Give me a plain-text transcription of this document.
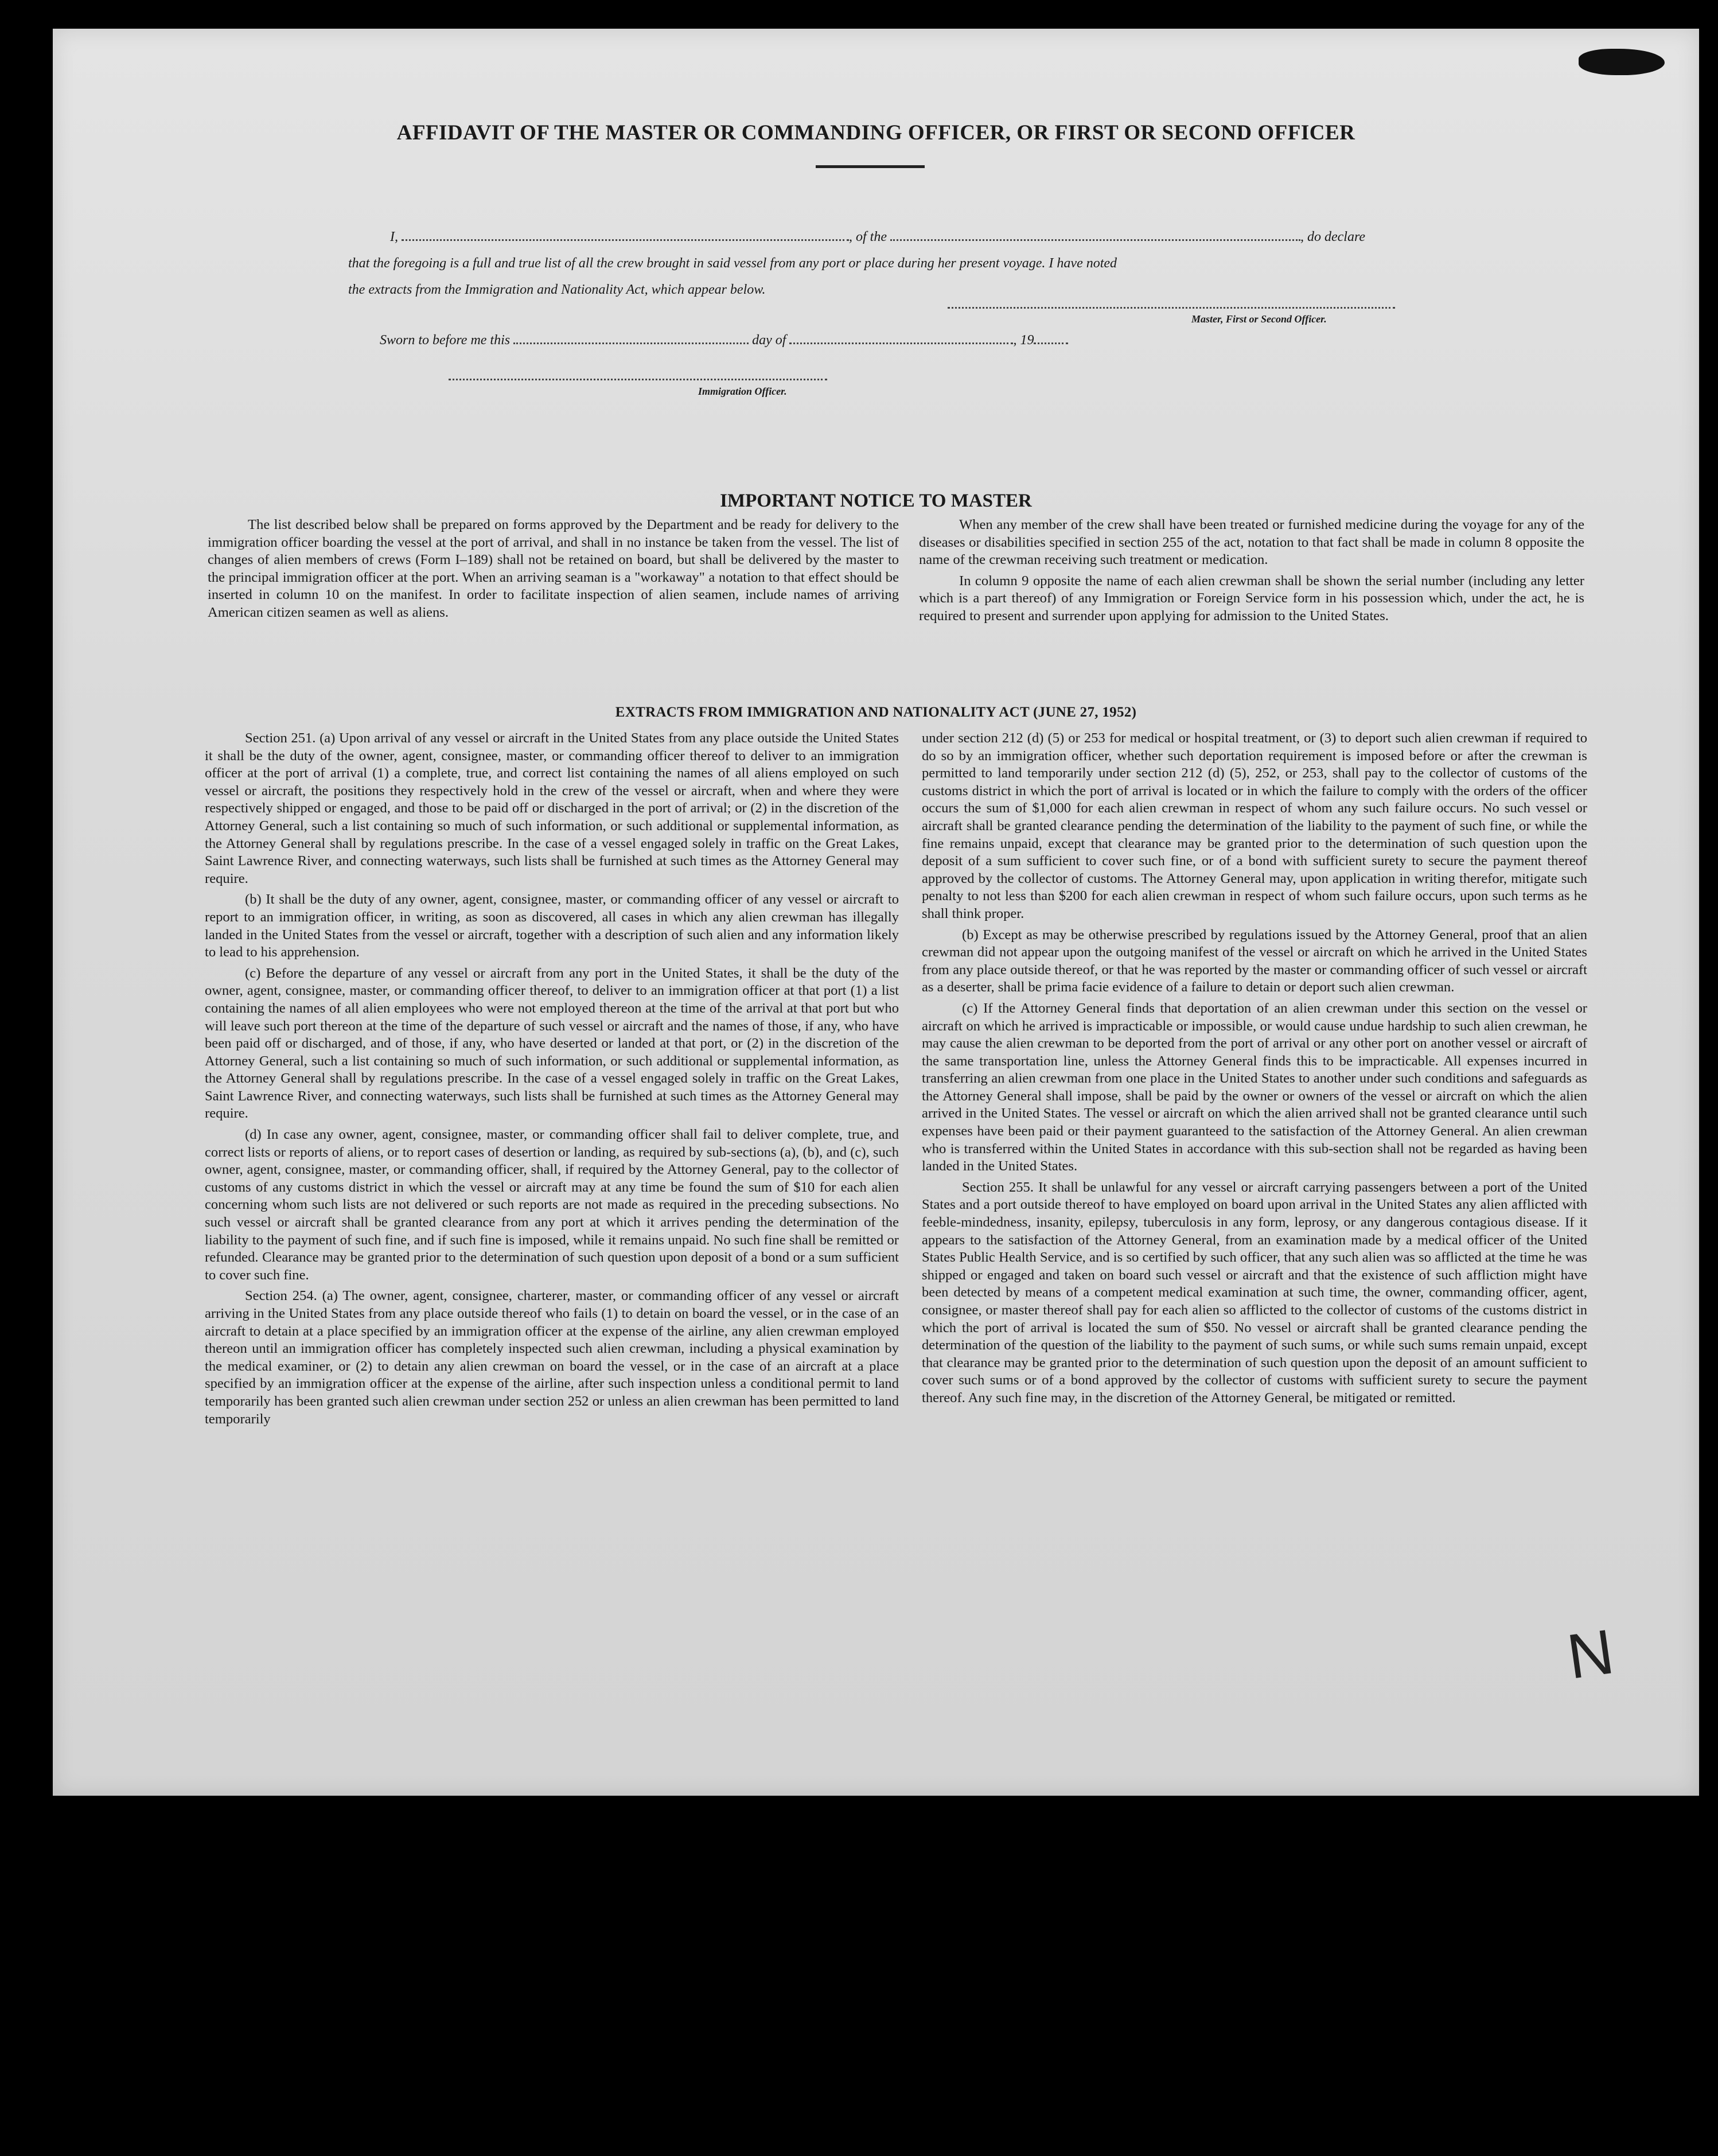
AFFIDAVIT OF THE MASTER OR COMMANDING OFFICER, OR FIRST OR SECOND OFFICER
I,	, of the	, do declare
that the foregoing is a full and true list of all the crew brought in said vessel from any port or place during her present voyage. I have noted
the extracts from the Immigration and Nationality Act, which appear below.
Master, First or Second Officer.
Sworn to before me this	day of	, 19
Immigration Officer.
IMPORTANT NOTICE TO MASTER

The list described below shall be prepared on forms approved by the Department and be ready for delivery to the immigration officer boarding the vessel at the port of arrival, and shall in no instance be taken from the vessel. The list of changes of alien members of crews (Form I–189) shall not be retained on board, but shall be delivered by the master to the principal immigration officer at the port. When an arriving seaman is a "workaway" a notation to that effect should be inserted in column 10 on the manifest. In order to facilitate inspection of alien seamen, include names of arriving American citizen seamen as well as aliens.

When any member of the crew shall have been treated or furnished medicine during the voyage for any of the diseases or disabilities specified in section 255 of the act, notation to that fact shall be made in column 8 opposite the name of the crewman receiving such treatment or medication.

In column 9 opposite the name of each alien crewman shall be shown the serial number (including any letter which is a part thereof) of any Immigration or Foreign Service form in his possession which, under the act, he is required to present and surrender upon applying for admission to the United States.

EXTRACTS FROM IMMIGRATION AND NATIONALITY ACT (JUNE 27, 1952)

Section 251. (a) Upon arrival of any vessel or aircraft in the United States from any place outside the United States it shall be the duty of the owner, agent, consignee, master, or commanding officer thereof to deliver to an immigration officer at the port of arrival (1) a complete, true, and correct list containing the names of all aliens employed on such vessel or aircraft, the positions they respectively hold in the crew of the vessel or aircraft, when and where they were respectively shipped or engaged, and those to be paid off or discharged in the port of arrival; or (2) in the discretion of the Attorney General, such a list containing so much of such information, or such additional or supplemental information, as the Attorney General shall by regulations prescribe. In the case of a vessel engaged solely in traffic on the Great Lakes, Saint Lawrence River, and connecting waterways, such lists shall be furnished at such times as the Attorney General may require.

(b) It shall be the duty of any owner, agent, consignee, master, or commanding officer of any vessel or aircraft to report to an immigration officer, in writing, as soon as discovered, all cases in which any alien crewman has illegally landed in the United States from the vessel or aircraft, together with a description of such alien and any information likely to lead to his apprehension.

(c) Before the departure of any vessel or aircraft from any port in the United States, it shall be the duty of the owner, agent, consignee, master, or commanding officer thereof, to deliver to an immigration officer at that port (1) a list containing the names of all alien employees who were not employed thereon at the time of the arrival at that port but who will leave such port thereon at the time of the departure of such vessel or aircraft and the names of those, if any, who have been paid off or discharged, and of those, if any, who have deserted or landed at that port, or (2) in the discretion of the Attorney General, such a list containing so much of such information, or such additional or supplemental information, as the Attorney General shall by regulations prescribe. In the case of a vessel engaged solely in traffic on the Great Lakes, Saint Lawrence River, and connecting waterways, such lists shall be furnished at such times as the Attorney General may require.

(d) In case any owner, agent, consignee, master, or commanding officer shall fail to deliver complete, true, and correct lists or reports of aliens, or to report cases of desertion or landing, as required by sub-sections (a), (b), and (c), such owner, agent, consignee, master, or commanding officer, shall, if required by the Attorney General, pay to the collector of customs of any customs district in which the vessel or aircraft may at any time be found the sum of $10 for each alien concerning whom such lists are not delivered or such reports are not made as required in the preceding subsections. No such vessel or aircraft shall be granted clearance from any port at which it arrives pending the determination of the liability to the payment of such fine, and if such fine is imposed, while it remains unpaid. No such fine shall be remitted or refunded. Clearance may be granted prior to the determination of such question upon deposit of a bond or a sum sufficient to cover such fine.

Section 254. (a) The owner, agent, consignee, charterer, master, or commanding officer of any vessel or aircraft arriving in the United States from any place outside thereof who fails (1) to detain on board the vessel, or in the case of an aircraft to detain at a place specified by an immigration officer at the expense of the airline, any alien crewman employed thereon until an immigration officer has completely inspected such alien crewman, including a physical examination by the medical examiner, or (2) to detain any alien crewman on board the vessel, or in the case of an aircraft at a place specified by an immigration officer at the expense of the airline, after such inspection unless a conditional permit to land temporarily has been granted such alien crewman under section 252 or unless an alien crewman has been permitted to land temporarily

under section 212 (d) (5) or 253 for medical or hospital treatment, or (3) to deport such alien crewman if required to do so by an immigration officer, whether such deportation requirement is imposed before or after the crewman is permitted to land temporarily under section 212 (d) (5), 252, or 253, shall pay to the collector of customs of the customs district in which the port of arrival is located or in which the failure to comply with the orders of the officer occurs the sum of $1,000 for each alien crewman in respect of whom any such failure occurs. No such vessel or aircraft shall be granted clearance pending the determination of the liability to the payment of such fine, or while the fine remains unpaid, except that clearance may be granted prior to the determination of such question upon the deposit of a sum sufficient to cover such fine, or of a bond with sufficient surety to secure the payment thereof approved by the collector of customs. The Attorney General may, upon application in writing therefor, mitigate such penalty to not less than $200 for each alien crewman in respect of whom such failure occurs, upon such terms as he shall think proper.

(b) Except as may be otherwise prescribed by regulations issued by the Attorney General, proof that an alien crewman did not appear upon the outgoing manifest of the vessel or aircraft on which he arrived in the United States from any place outside thereof, or that he was reported by the master or commanding officer of such vessel or aircraft as a deserter, shall be prima facie evidence of a failure to detain or deport such alien crewman.

(c) If the Attorney General finds that deportation of an alien crewman under this section on the vessel or aircraft on which he arrived is impracticable or impossible, or would cause undue hardship to such alien crewman, he may cause the alien crewman to be deported from the port of arrival or any other port on another vessel or aircraft of the same transportation line, unless the Attorney General finds this to be impracticable. All expenses incurred in transferring an alien crewman from one place in the United States to another under such conditions and safeguards as the Attorney General shall impose, shall be paid by the owner or owners of the vessel or aircraft on which the alien arrived in the United States. The vessel or aircraft on which the alien arrived shall not be granted clearance until such expenses have been paid or their payment guaranteed to the satisfaction of the Attorney General. An alien crewman who is transferred within the United States in accordance with this sub-section shall not be regarded as having been landed in the United States.

Section 255. It shall be unlawful for any vessel or aircraft carrying passengers between a port of the United States and a port outside thereof to have employed on board upon arrival in the United States any alien afflicted with feeble-mindedness, insanity, epilepsy, tuberculosis in any form, leprosy, or any dangerous contagious disease. If it appears to the satisfaction of the Attorney General, from an examination made by a medical officer of the United States Public Health Service, and is so certified by such officer, that any such alien was so afflicted at the time he was shipped or engaged and taken on board such vessel or aircraft and that the existence of such affliction might have been detected by means of a competent medical examination at such time, the owner, commanding officer, agent, consignee, or master thereof shall pay for each alien so afflicted to the collector of customs of the customs district in which the port of arrival is located the sum of $50. No vessel or aircraft shall be granted clearance pending the determination of the question of the liability to the payment of such sums, or while such sums remain unpaid, except that clearance may be granted prior to the determination of such question upon the deposit of an amount sufficient to cover such sums or of a bond approved by the collector of customs with sufficient surety to secure the payment thereof. Any such fine may, in the discretion of the Attorney General, be mitigated or remitted.

N
